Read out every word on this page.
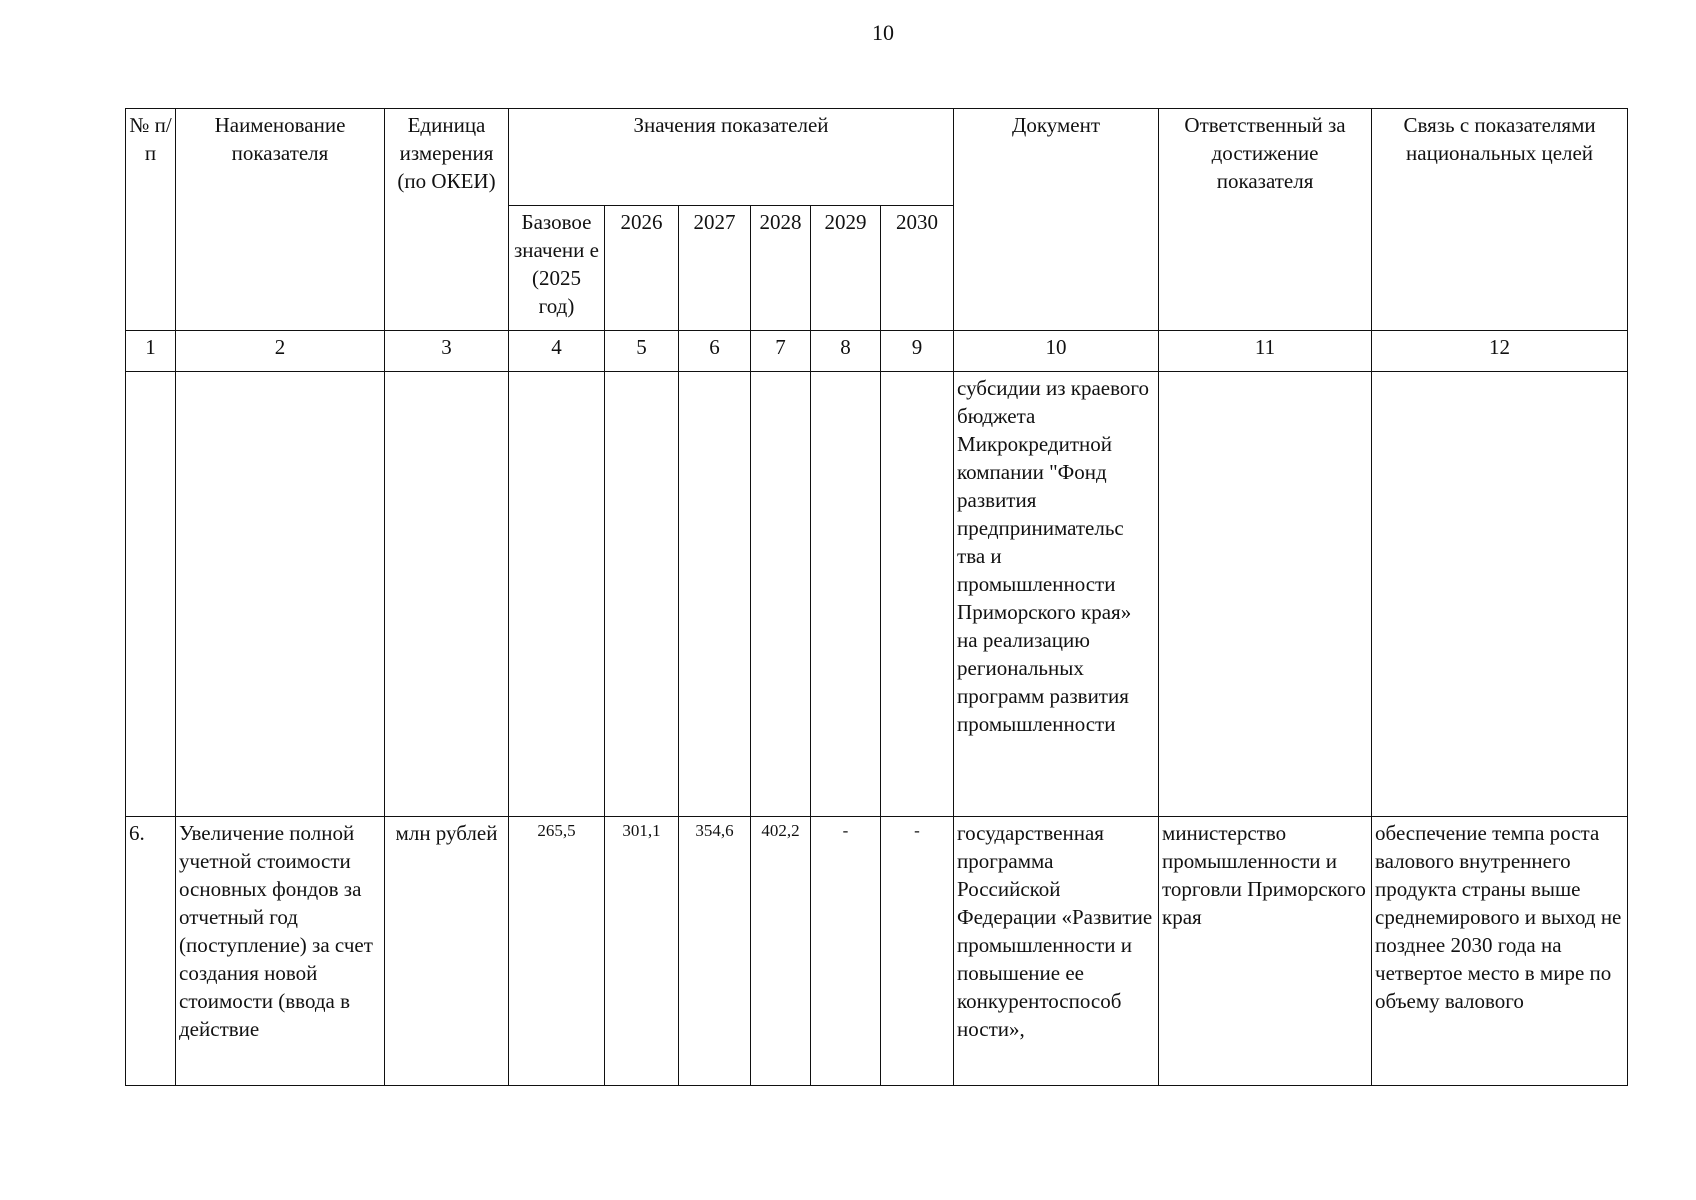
10
№ п/п	Наименование показателя	Единица измерения (по ОКЕИ)	Значения показателей						Документ	Ответственный за достижение показателя	Связь с показателями национальных целей
			Базовое значени е (2025 год)	2026	2027	2028	2029	2030			
1	2	3	4	5	6	7	8	9	10	11	12
									субсидии из краевого бюджета Микрокредитной компании "Фонд развития предпринимательс тва и промышленности Приморского края» на реализацию региональных программ развития промышленности		
6.	Увеличение полной учетной стоимости основных фондов за отчетный год (поступление) за счет создания новой стоимости (ввода в действие	млн рублей	265,5	301,1	354,6	402,2	-	-	государственная программа Российской Федерации «Развитие промышленности и повышение ее конкурентоспособ ности»,	министерство промышленности и торговли Приморского края	обеспечение темпа роста валового внутреннего продукта страны выше среднемирового и выход не позднее 2030 года на четвертое место в мире по объему валового
